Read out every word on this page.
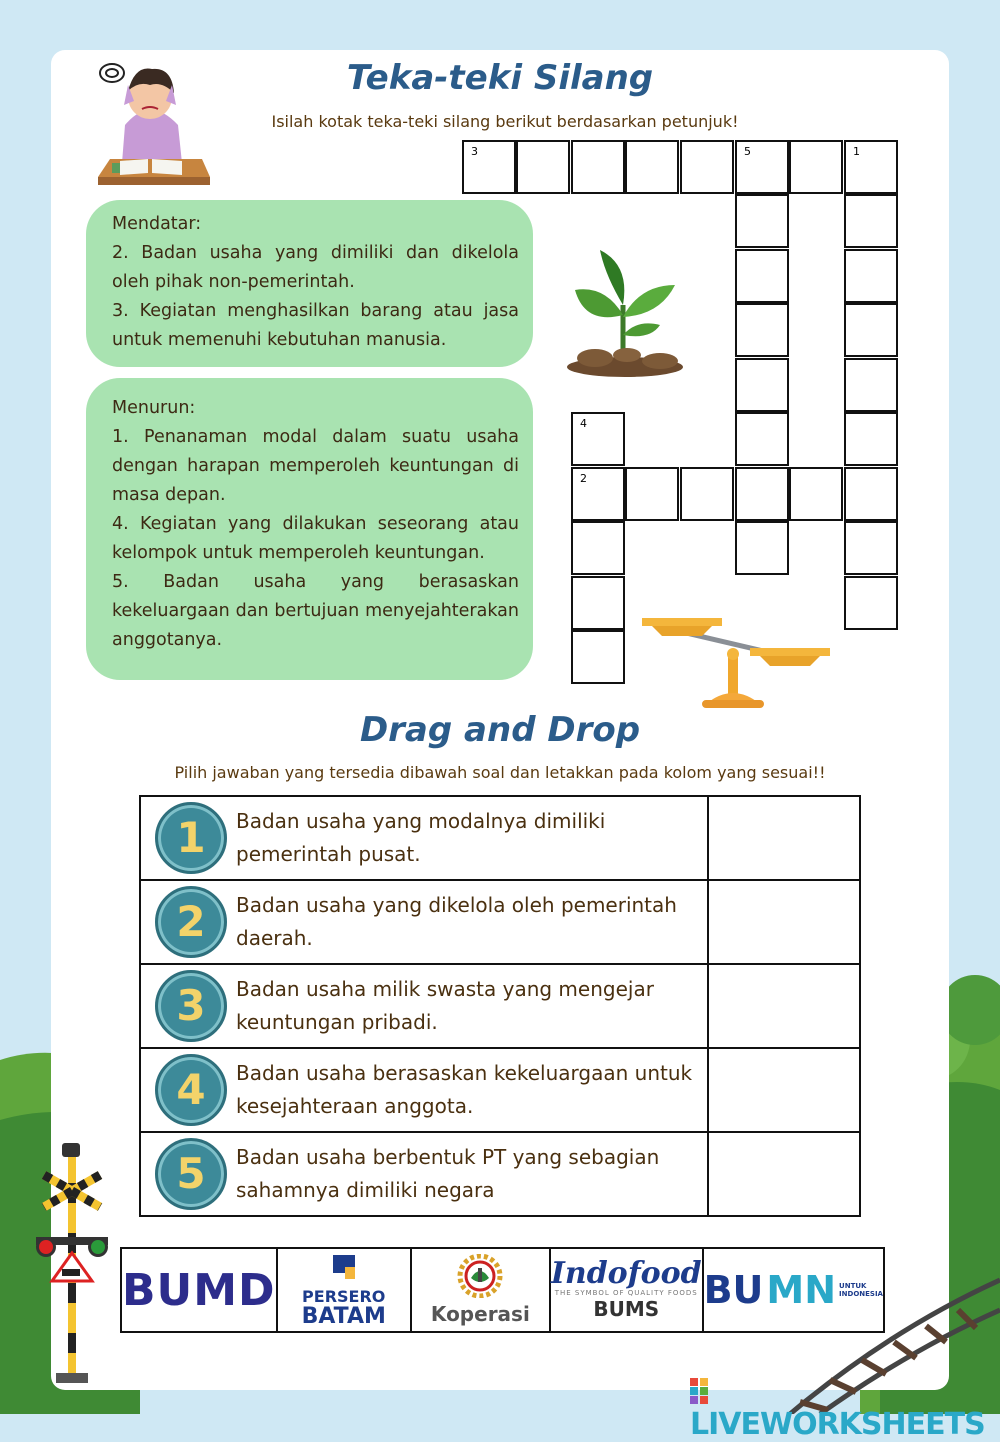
Teka-teki Silang
Isilah kotak teka-teki silang berikut berdasarkan petunjuk!
3	5	1
4
2

Mendatar:

2. Badan usaha yang dimiliki dan dikelola oleh pihak non-pemerintah.

3. Kegiatan menghasilkan barang atau jasa untuk memenuhi kebutuhan manusia.

Menurun:

1. Penanaman modal dalam suatu usaha dengan harapan memperoleh keuntungan di masa depan.

4. Kegiatan yang dilakukan seseorang atau kelompok untuk memperoleh keuntungan.

5. Badan usaha yang berasaskan kekeluargaan dan bertujuan menyejahterakan anggotanya.

Drag and Drop
Pilih jawaban yang tersedia dibawah soal dan letakkan pada kolom yang sesuai!!
1 Badan usaha yang modalnya dimiliki pemerintah pusat.	

2 Badan usaha yang dikelola oleh pemerintah daerah.	

3 Badan usaha milik swasta yang mengejar keuntungan pribadi.	

4 Badan usaha berasaskan kekeluargaan untuk kesejahteraan anggota.	

5 Badan usaha berbentuk PT yang sebagian sahamnya dimiliki negara	

BUMD	PERSERO
BATAM	Koperasi

Indofood
THE SYMBOL OF QUALITY FOODS
BUMS	BU MN UNTUK
INDONESIA
LIVEWORKSHEETS
